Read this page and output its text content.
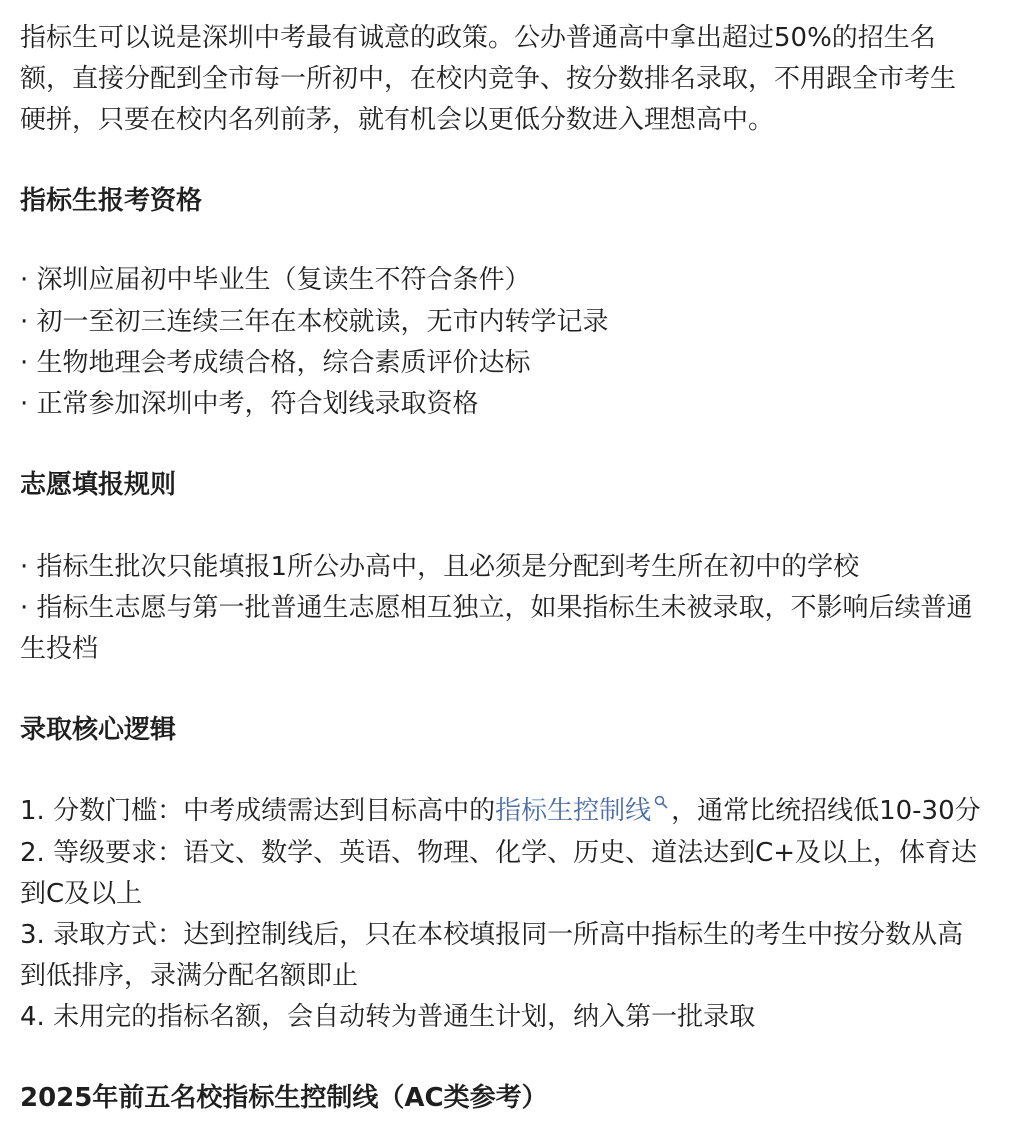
指标生可以说是深圳中考最有诚意的政策。公办普通高中拿出超过50%的招生名
额，直接分配到全市每一所初中，在校内竞争、按分数排名录取，不用跟全市考生
硬拼，只要在校内名列前茅，就有机会以更低分数进入理想高中。
指标生报考资格
· 深圳应届初中毕业生（复读生不符合条件）
· 初一至初三连续三年在本校就读，无市内转学记录
· 生物地理会考成绩合格，综合素质评价达标
· 正常参加深圳中考，符合划线录取资格
志愿填报规则
· 指标生批次只能填报1所公办高中，且必须是分配到考生所在初中的学校
· 指标生志愿与第一批普通生志愿相互独立，如果指标生未被录取，不影响后续普通
生投档
录取核心逻辑
1. 分数门槛：中考成绩需达到目标高中的指标生控制线 ，通常比统招线低10-30分
2. 等级要求：语文、数学、英语、物理、化学、历史、道法达到C+及以上，体育达
到C及以上
3. 录取方式：达到控制线后，只在本校填报同一所高中指标生的考生中按分数从高
到低排序，录满分配名额即止
4. 未用完的指标名额，会自动转为普通生计划，纳入第一批录取
2025年前五名校指标生控制线（AC类参考）
